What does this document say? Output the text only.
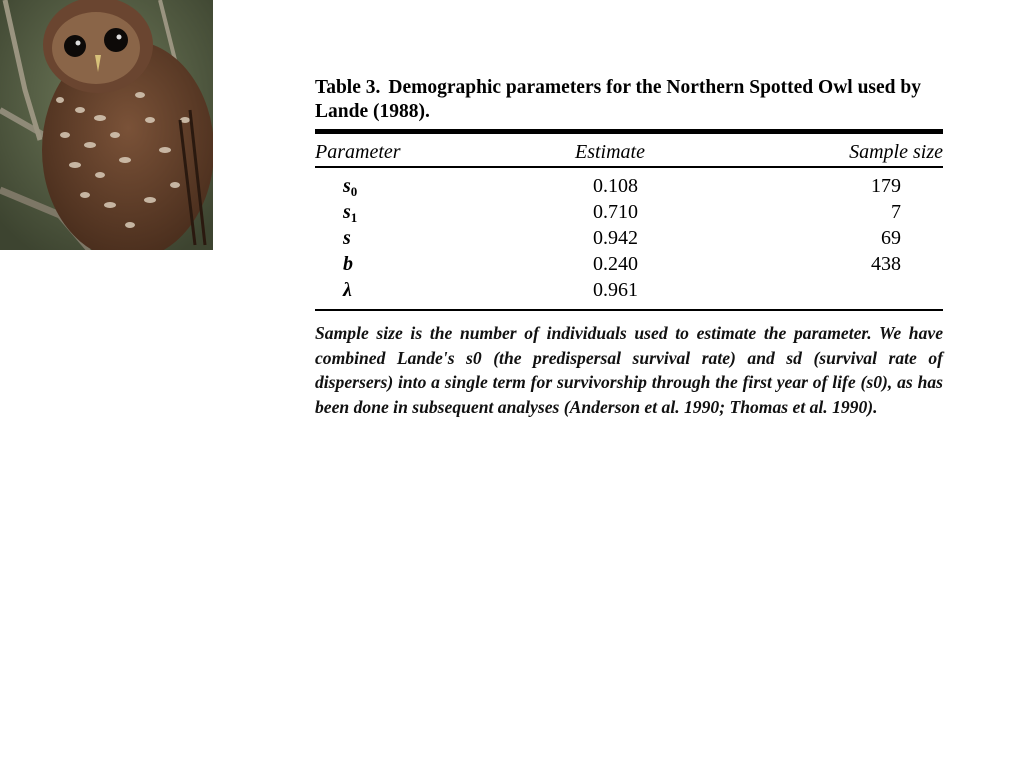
Table 3. Demographic parameters for the Northern Spotted Owl used by Lande (1988).

Parameter	Estimate	Sample size
$s_0$	0.108	179
$s_1$	0.710	7
s	0.942	69
b	0.240	438
λ	0.961

Sample size is the number of individuals used to estimate the parameter. We have combined Lande's s0 (the predispersal survival rate) and sd (survival rate of dispersers) into a single term for survivorship through the first year of life (s0), as has been done in subsequent analyses (Anderson et al. 1990; Thomas et al. 1990).
